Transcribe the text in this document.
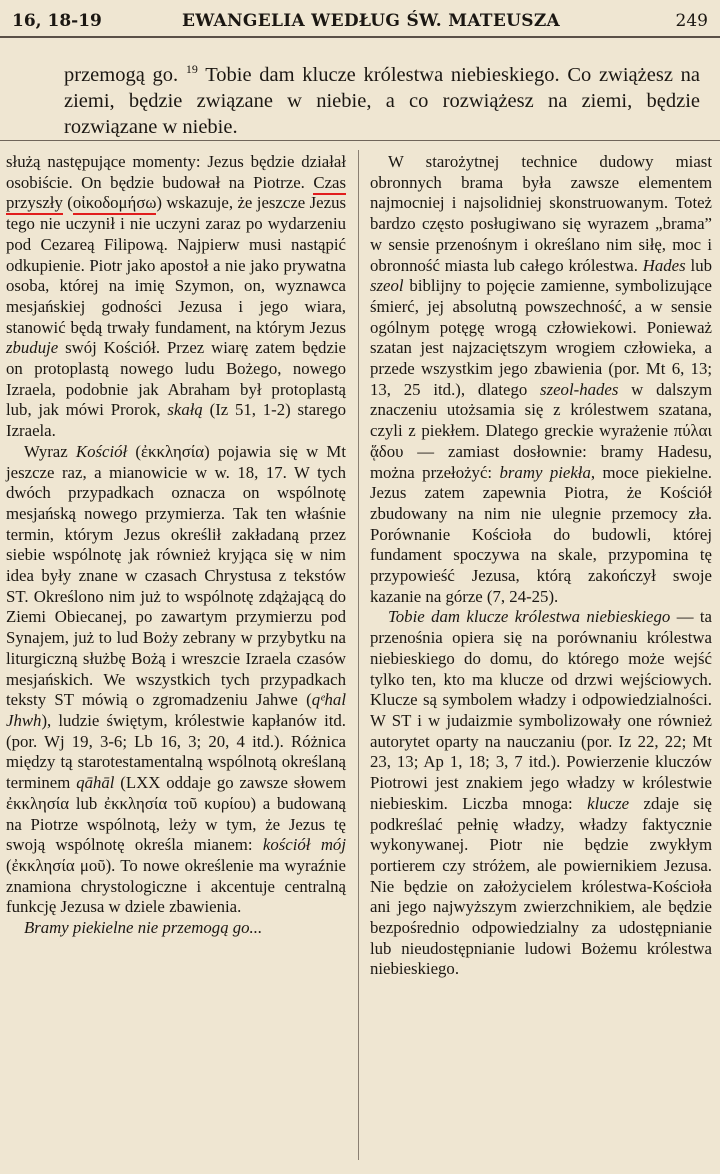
16, 18-19	EWANGELIA WEDŁUG ŚW. MATEUSZA	249

przemogą go. $^{19}$ Tobie dam klucze królestwa niebieskiego. Co zwiążesz na ziemi, będzie związane w niebie, a co rozwiążesz na ziemi, będzie rozwiązane w niebie.

służą następujące momenty: Jezus będzie działał osobiście. On będzie budował na Piotrze. Czas przyszły (οἰκοδομήσω) wskazuje, że jeszcze Jezus tego nie uczynił i nie uczyni zaraz po wydarzeniu pod Cezareą Filipową. Najpierw musi nastąpić odkupienie. Piotr jako apostoł a nie jako prywatna osoba, której na imię Szymon, on, wyznawca mesjańskiej godności Jezusa i jego wiara, stanowić będą trwały fundament, na którym Jezus zbuduje swój Kościół. Przez wiarę zatem będzie on protoplastą nowego ludu Bożego, nowego Izraela, podobnie jak Abraham był protoplastą lub, jak mówi Prorok, skałą (Iz 51, 1-2) starego Izraela.

Wyraz Kościół (ἐκκλησία) pojawia się w Mt jeszcze raz, a mianowicie w w. 18, 17. W tych dwóch przypadkach oznacza on wspólnotę mesjańską nowego przymierza. Tak ten właśnie termin, którym Jezus określił zakładaną przez siebie wspólnotę jak również kryjąca się w nim idea były znane w czasach Chrystusa z tekstów ST. Określono nim już to wspólnotę zdążającą do Ziemi Obiecanej, po zawartym przymierzu pod Synajem, już to lud Boży zebrany w przybytku na liturgiczną służbę Bożą i wreszcie Izraela czasów mesjańskich. We wszystkich tych przypadkach teksty ST mówią o zgromadzeniu Jahwe (qᵉhal Jhwh), ludzie świętym, królestwie kapłanów itd. (por. Wj 19, 3-6; Lb 16, 3; 20, 4 itd.). Różnica między tą starotestamentalną wspólnotą określaną terminem qāhāl (LXX oddaje go zawsze słowem ἐκκλησία lub ἐκκλησία τοῦ κυρίου) a budowaną na Piotrze wspólnotą, leży w tym, że Jezus tę swoją wspólnotę określa mianem: kościół mój (ἐκκλησία μοῦ). To nowe określenie ma wyraźnie znamiona chrystologiczne i akcentuje centralną funkcję Jezusa w dziele zbawienia.

Bramy piekielne nie przemogą go...

W starożytnej technice dudowy miast obronnych brama była zawsze elementem najmocniej i najsolidniej skonstruowanym. Toteż bardzo często posługiwano się wyrazem „brama” w sensie przenośnym i określano nim siłę, moc i obronność miasta lub całego królestwa. Hades lub szeol biblijny to pojęcie zamienne, symbolizujące śmierć, jej absolutną powszechność, a w sensie ogólnym potęgę wrogą człowiekowi. Ponieważ szatan jest najzaciętszym wrogiem człowieka, a przede wszystkim jego zbawienia (por. Mt 6, 13; 13, 25 itd.), dlatego szeol-hades w dalszym znaczeniu utożsamia się z królestwem szatana, czyli z piekłem. Dlatego greckie wyrażenie πύλαι ᾅδου — zamiast dosłownie: bramy Hadesu, można przełożyć: bramy piekła, moce piekielne. Jezus zatem zapewnia Piotra, że Kościół zbudowany na nim nie ulegnie przemocy zła. Porównanie Kościoła do budowli, której fundament spoczywa na skale, przypomina tę przypowieść Jezusa, którą zakończył swoje kazanie na górze (7, 24-25).

Tobie dam klucze królestwa niebieskiego — ta przenośnia opiera się na porównaniu królestwa niebieskiego do domu, do którego może wejść tylko ten, kto ma klucze od drzwi wejściowych. Klucze są symbolem władzy i odpowiedzialności. W ST i w judaizmie symbolizowały one również autorytet oparty na nauczaniu (por. Iz 22, 22; Mt 23, 13; Ap 1, 18; 3, 7 itd.). Powierzenie kluczów Piotrowi jest znakiem jego władzy w królestwie niebieskim. Liczba mnoga: klucze zdaje się podkreślać pełnię władzy, władzy faktycznie wykonywanej. Piotr nie będzie zwykłym portierem czy stróżem, ale powiernikiem Jezusa. Nie będzie on założycielem królestwa-Kościoła ani jego najwyższym zwierzchnikiem, ale będzie bezpośrednio odpowiedzialny za udostępnianie lub nieudostępnianie ludowi Bożemu królestwa niebieskiego.
